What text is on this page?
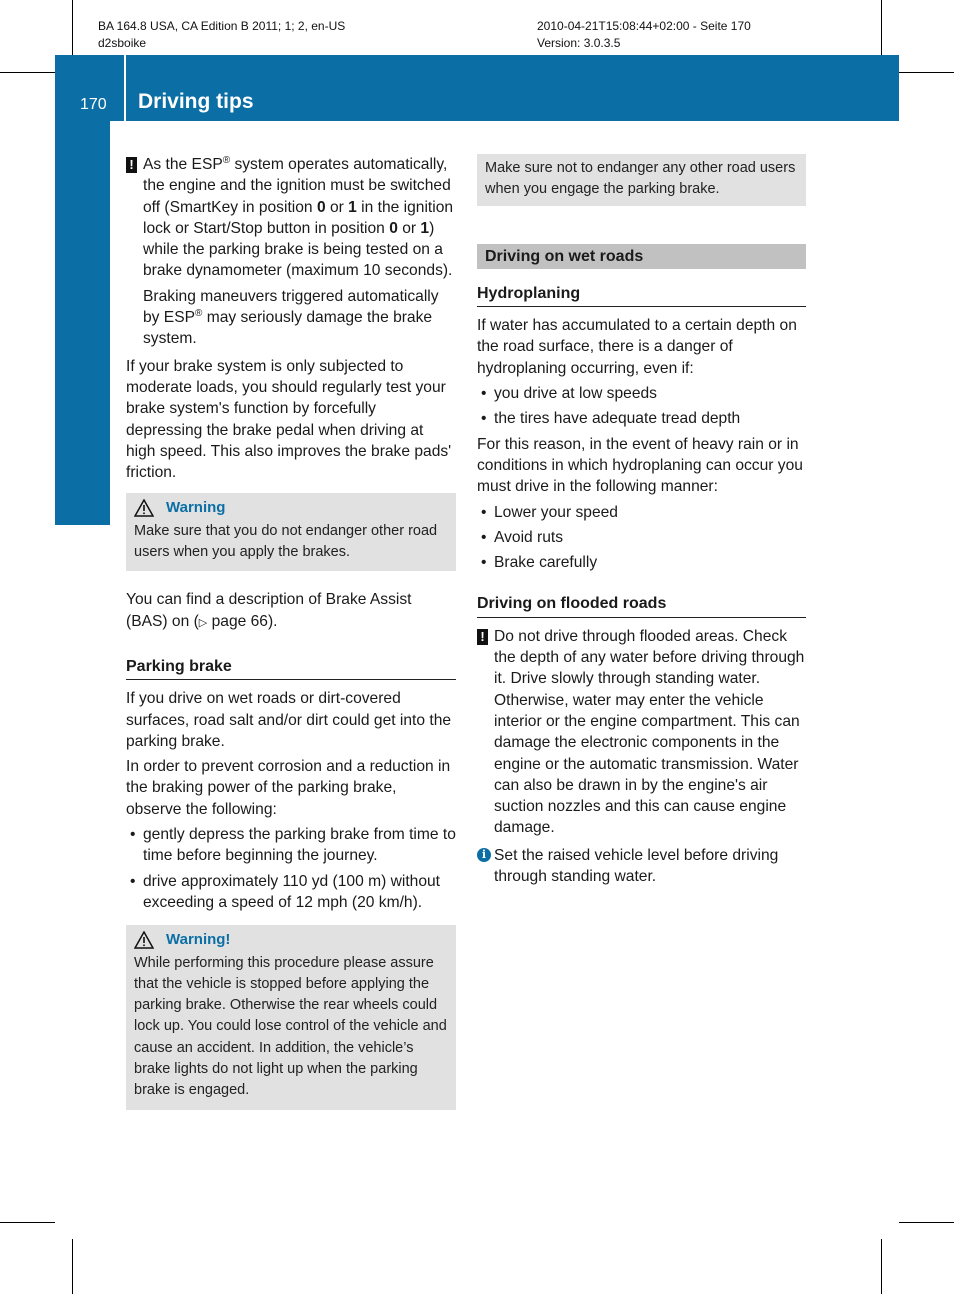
BA 164.8 USA, CA Edition B 2011; 1; 2, en-US
d2sboike
2010-04-21T15:08:44+02:00 - Seite 170
Version: 3.0.3.5
170 Driving tips
Driving and parking

! As the ESP® system operates automatically, the engine and the ignition must be switched off (SmartKey in position 0 or 1 in the ignition lock or Start/Stop button in position 0 or 1) while the parking brake is being tested on a brake dynamometer (maximum 10 seconds).

Braking maneuvers triggered automatically by ESP® may seriously damage the brake system.

If your brake system is only subjected to moderate loads, you should regularly test your brake system's function by forcefully depressing the brake pedal when driving at high speed. This also improves the brake pads' friction.

Warning
Make sure that you do not endanger other road users when you apply the brakes.

You can find a description of Brake Assist (BAS) on (▷ page 66).

Parking brake

If you drive on wet roads or dirt-covered surfaces, road salt and/or dirt could get into the parking brake.

In order to prevent corrosion and a reduction in the braking power of the parking brake, observe the following:

• gently depress the parking brake from time to time before beginning the journey.
• drive approximately 110 yd (100 m) without exceeding a speed of 12 mph (20 km/h).
Warning!
While performing this procedure please assure that the vehicle is stopped before applying the parking brake. Otherwise the rear wheels could lock up. You could lose control of the vehicle and cause an accident. In addition, the vehicle’s brake lights do not light up when the parking brake is engaged.
Make sure not to endanger any other road users when you engage the parking brake.
Driving on wet roads
Hydroplaning

If water has accumulated to a certain depth on the road surface, there is a danger of hydroplaning occurring, even if:

• you drive at low speeds
• the tires have adequate tread depth

For this reason, in the event of heavy rain or in conditions in which hydroplaning can occur you must drive in the following manner:

• Lower your speed
• Avoid ruts
• Brake carefully
Driving on flooded roads

! Do not drive through flooded areas. Check the depth of any water before driving through it. Drive slowly through standing water. Otherwise, water may enter the vehicle interior or the engine compartment. This can damage the electronic components in the engine or the automatic transmission. Water can also be drawn in by the engine's air suction nozzles and this can cause engine damage.

i Set the raised vehicle level before driving through standing water.
